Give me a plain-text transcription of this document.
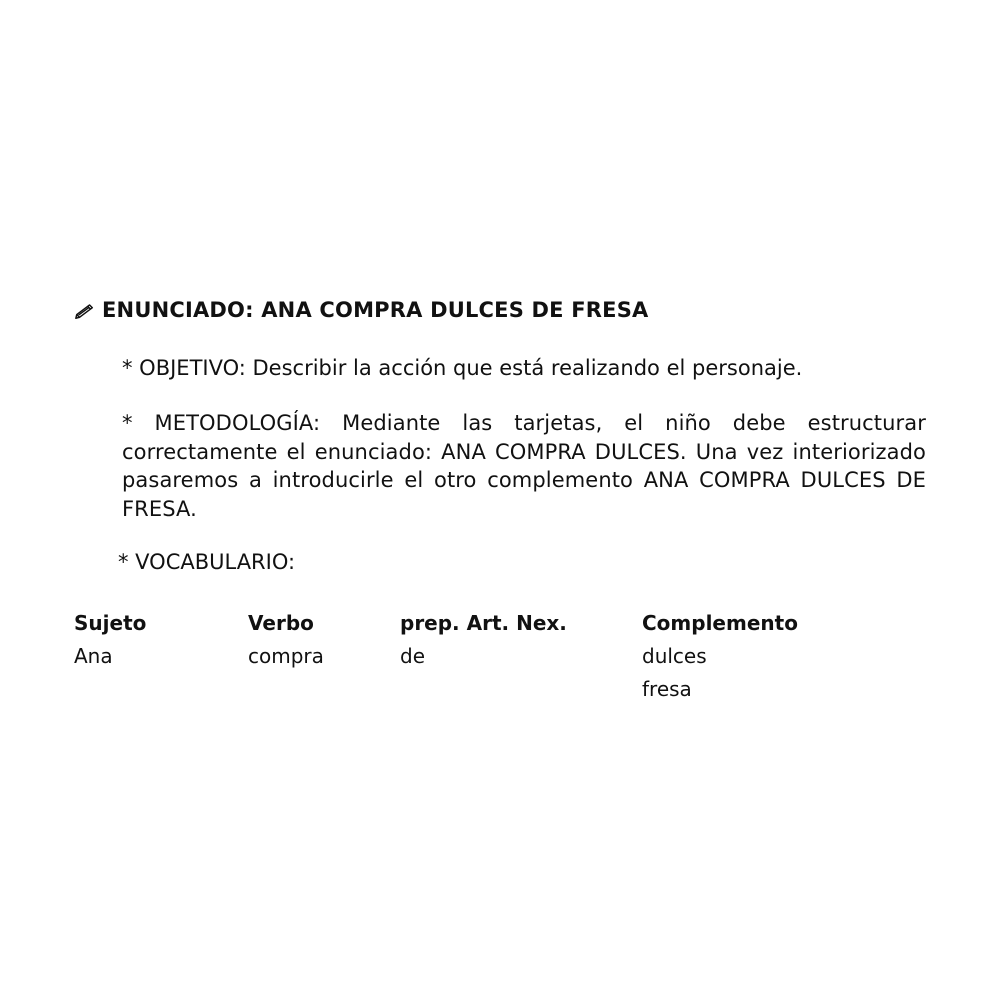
ENUNCIADO: ANA COMPRA DULCES DE FRESA
* OBJETIVO: Describir la acción que está realizando el personaje.
* METODOLOGÍA: Mediante las tarjetas, el niño debe estructurar correctamente el enunciado: ANA COMPRA DULCES. Una vez interiorizado pasaremos a introducirle el otro complemento ANA COMPRA DULCES DE FRESA.
* VOCABULARIO:
Sujeto
Ana
Verbo
compra
prep. Art. Nex.
de
Complemento
dulces
fresa
